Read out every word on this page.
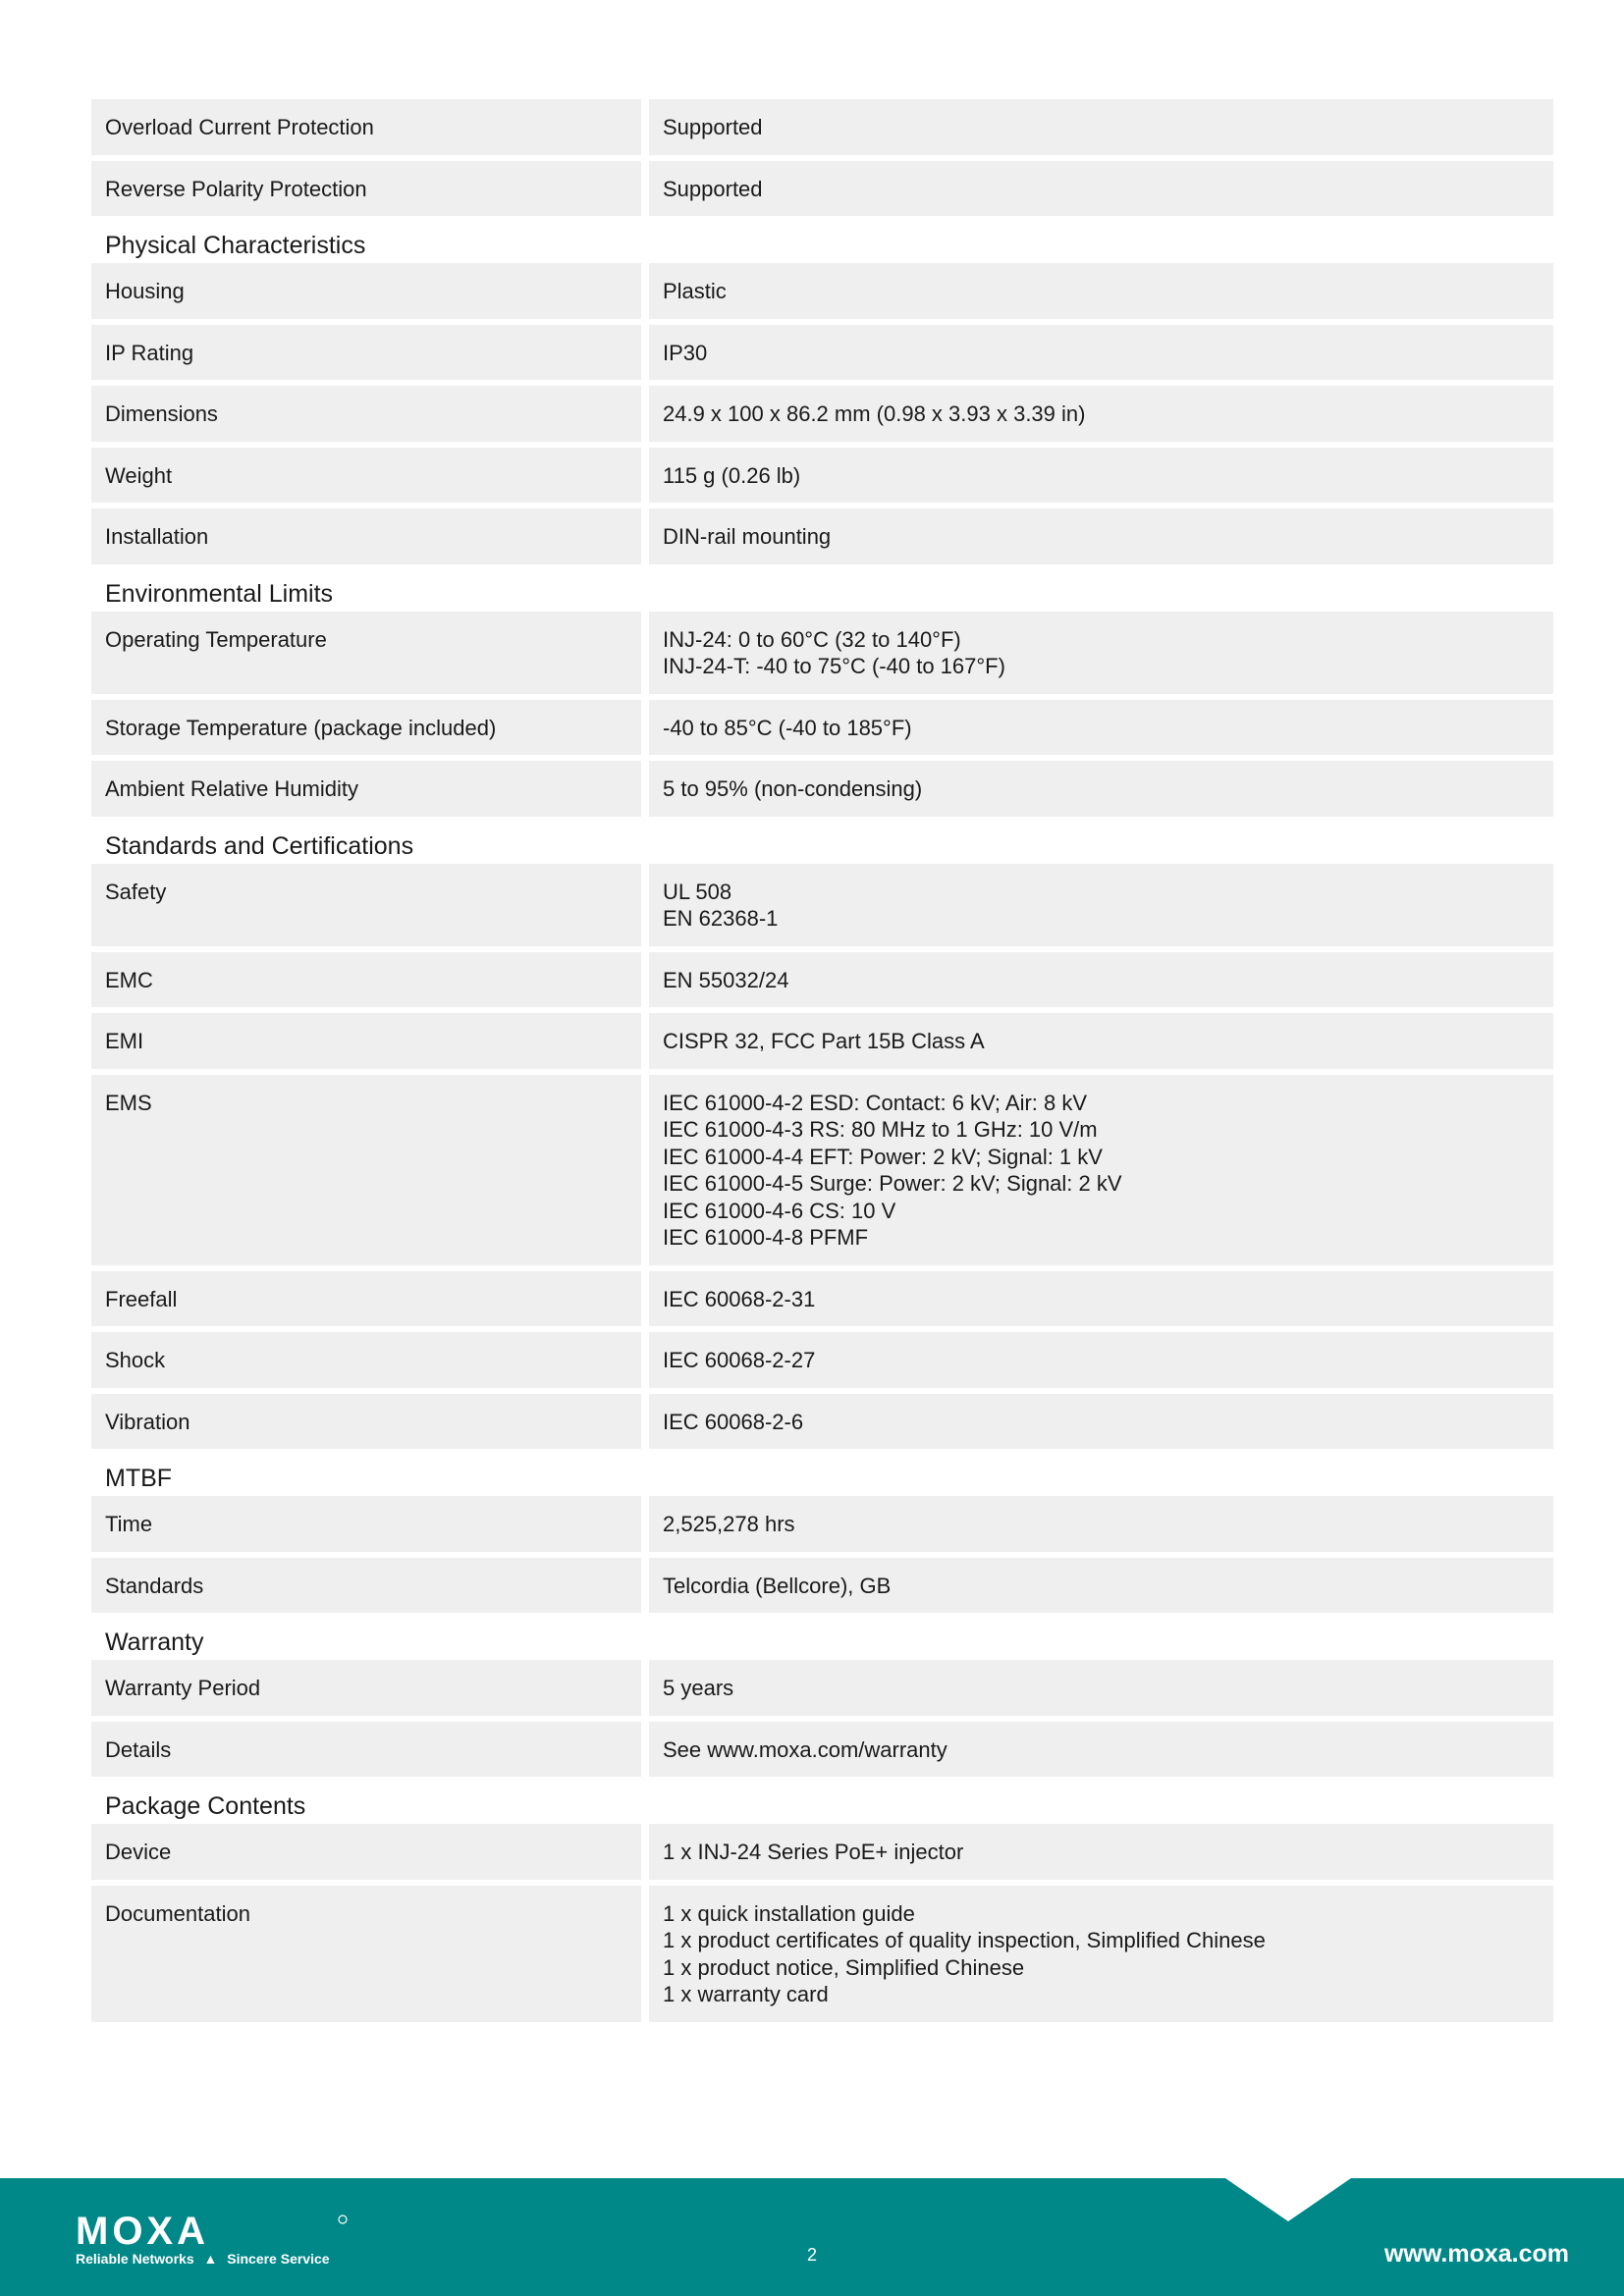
Overload Current Protection	Supported
Reverse Polarity Protection	Supported
Physical Characteristics
Housing	Plastic
IP Rating	IP30
Dimensions	24.9 x 100 x 86.2 mm (0.98 x 3.93 x 3.39 in)
Weight	115 g (0.26 lb)
Installation	DIN-rail mounting
Environmental Limits
Operating Temperature	INJ-24: 0 to 60°C (32 to 140°F)
INJ-24-T: -40 to 75°C (-40 to 167°F)
Storage Temperature (package included)	-40 to 85°C (-40 to 185°F)
Ambient Relative Humidity	5 to 95% (non-condensing)
Standards and Certifications
Safety	UL 508
EN 62368-1
EMC	EN 55032/24
EMI	CISPR 32, FCC Part 15B Class A
EMS	IEC 61000-4-2 ESD: Contact: 6 kV; Air: 8 kV
IEC 61000-4-3 RS: 80 MHz to 1 GHz: 10 V/m
IEC 61000-4-4 EFT: Power: 2 kV; Signal: 1 kV
IEC 61000-4-5 Surge: Power: 2 kV; Signal: 2 kV
IEC 61000-4-6 CS: 10 V
IEC 61000-4-8 PFMF
Freefall	IEC 60068-2-31
Shock	IEC 60068-2-27
Vibration	IEC 60068-2-6
MTBF
Time	2,525,278 hrs
Standards	Telcordia (Bellcore), GB
Warranty
Warranty Period	5 years
Details	See www.moxa.com/warranty
Package Contents
Device	1 x INJ-24 Series PoE+ injector
Documentation	1 x quick installation guide
1 x product certificates of quality inspection, Simplified Chinese
1 x product notice, Simplified Chinese
1 x warranty card
MOXA
Reliable Networks ▲ Sincere Service	2	www.moxa.com
